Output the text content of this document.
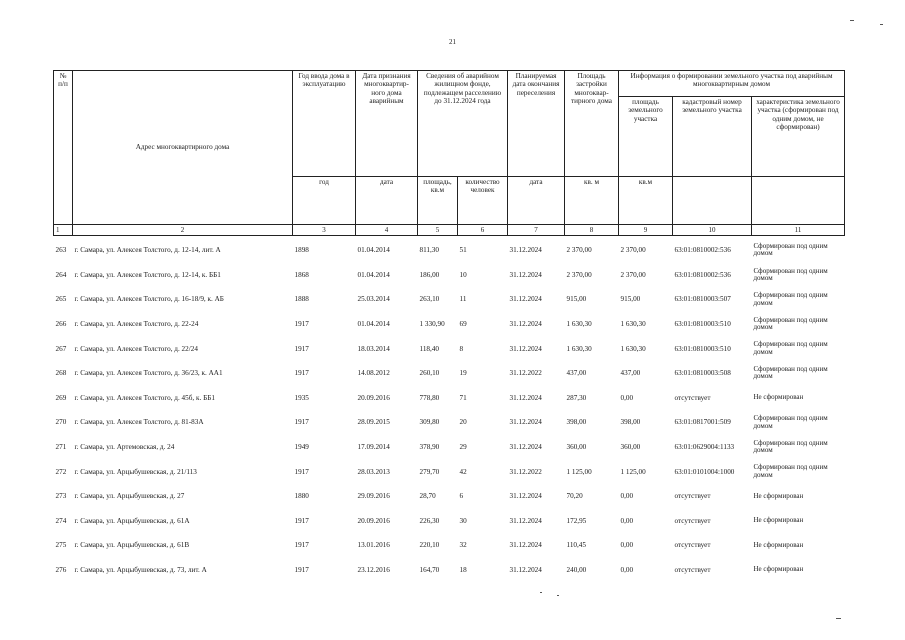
21
№ п/п	Адрес многоквартирного дома	Год ввода дома в эксплуатацию	Дата признания многоквартир-ного дома аварийным	Сведения об аварийном жилищном фонде, подлежащем расселению до 31.12.2024 года		Планируемая дата окончания переселения	Площадь застройки многоквар-тирного дома	Информация о формировании земельного участка под аварийным многоквартирным домом		
								площадь земельного участка	кадастровый номер земельного участка	характеристика земельного участка (сформирован под одним домом, не сформирован)
		год	дата	площадь, кв.м	количество человек	дата	кв. м	кв.м		
1	2	3	4	5	6	7	8	9	10	11
263	г. Самара, ул. Алексея Толстого, д. 12-14, лит. А	1898	01.04.2014	811,30	51	31.12.2024	2 370,00	2 370,00	63:01:0810002:536	Сформирован под одним домом
264	г. Самара, ул. Алексея Толстого, д. 12-14, к. ББ1	1868	01.04.2014	186,00	10	31.12.2024	2 370,00	2 370,00	63:01:0810002:536	Сформирован под одним домом
265	г. Самара, ул. Алексея Толстого, д. 16-18/9, к. АБ	1888	25.03.2014	263,10	11	31.12.2024	915,00	915,00	63:01:0810003:507	Сформирован под одним домом
266	г. Самара, ул. Алексея Толстого, д. 22-24	1917	01.04.2014	1 330,90	69	31.12.2024	1 630,30	1 630,30	63:01:0810003:510	Сформирован под одним домом
267	г. Самара, ул. Алексея Толстого, д. 22/24	1917	18.03.2014	118,40	8	31.12.2024	1 630,30	1 630,30	63:01:0810003:510	Сформирован под одним домом
268	г. Самара, ул. Алексея Толстого, д. 36/23, к. АА1	1917	14.08.2012	260,10	19	31.12.2022	437,00	437,00	63:01:0810003:508	Сформирован под одним домом
269	г. Самара, ул. Алексея Толстого, д. 45б, к. ББ1	1935	20.09.2016	778,80	71	31.12.2024	287,30	0,00	отсутствует	Не сформирован
270	г. Самара, ул. Алексея Толстого, д. 81-83А	1917	28.09.2015	309,80	20	31.12.2024	398,00	398,00	63:01:0817001:509	Сформирован под одним домом
271	г. Самара, ул. Артемовская, д. 24	1949	17.09.2014	378,90	29	31.12.2024	360,00	360,00	63:01:0629004:1133	Сформирован под одним домом
272	г. Самара, ул. Арцыбушевская, д. 21/113	1917	28.03.2013	279,70	42	31.12.2022	1 125,00	1 125,00	63:01:0101004:1000	Сформирован под одним домом
273	г. Самара, ул. Арцыбушевская, д. 27	1880	29.09.2016	28,70	6	31.12.2024	70,20	0,00	отсутствует	Не сформирован
274	г. Самара, ул. Арцыбушевская, д. 61А	1917	20.09.2016	226,30	30	31.12.2024	172,95	0,00	отсутствует	Не сформирован
275	г. Самара, ул. Арцыбушевская, д. 61В	1917	13.01.2016	220,10	32	31.12.2024	110,45	0,00	отсутствует	Не сформирован
276	г. Самара, ул. Арцыбушевская, д. 73, лит. А	1917	23.12.2016	164,70	18	31.12.2024	240,00	0,00	отсутствует	Не сформирован
